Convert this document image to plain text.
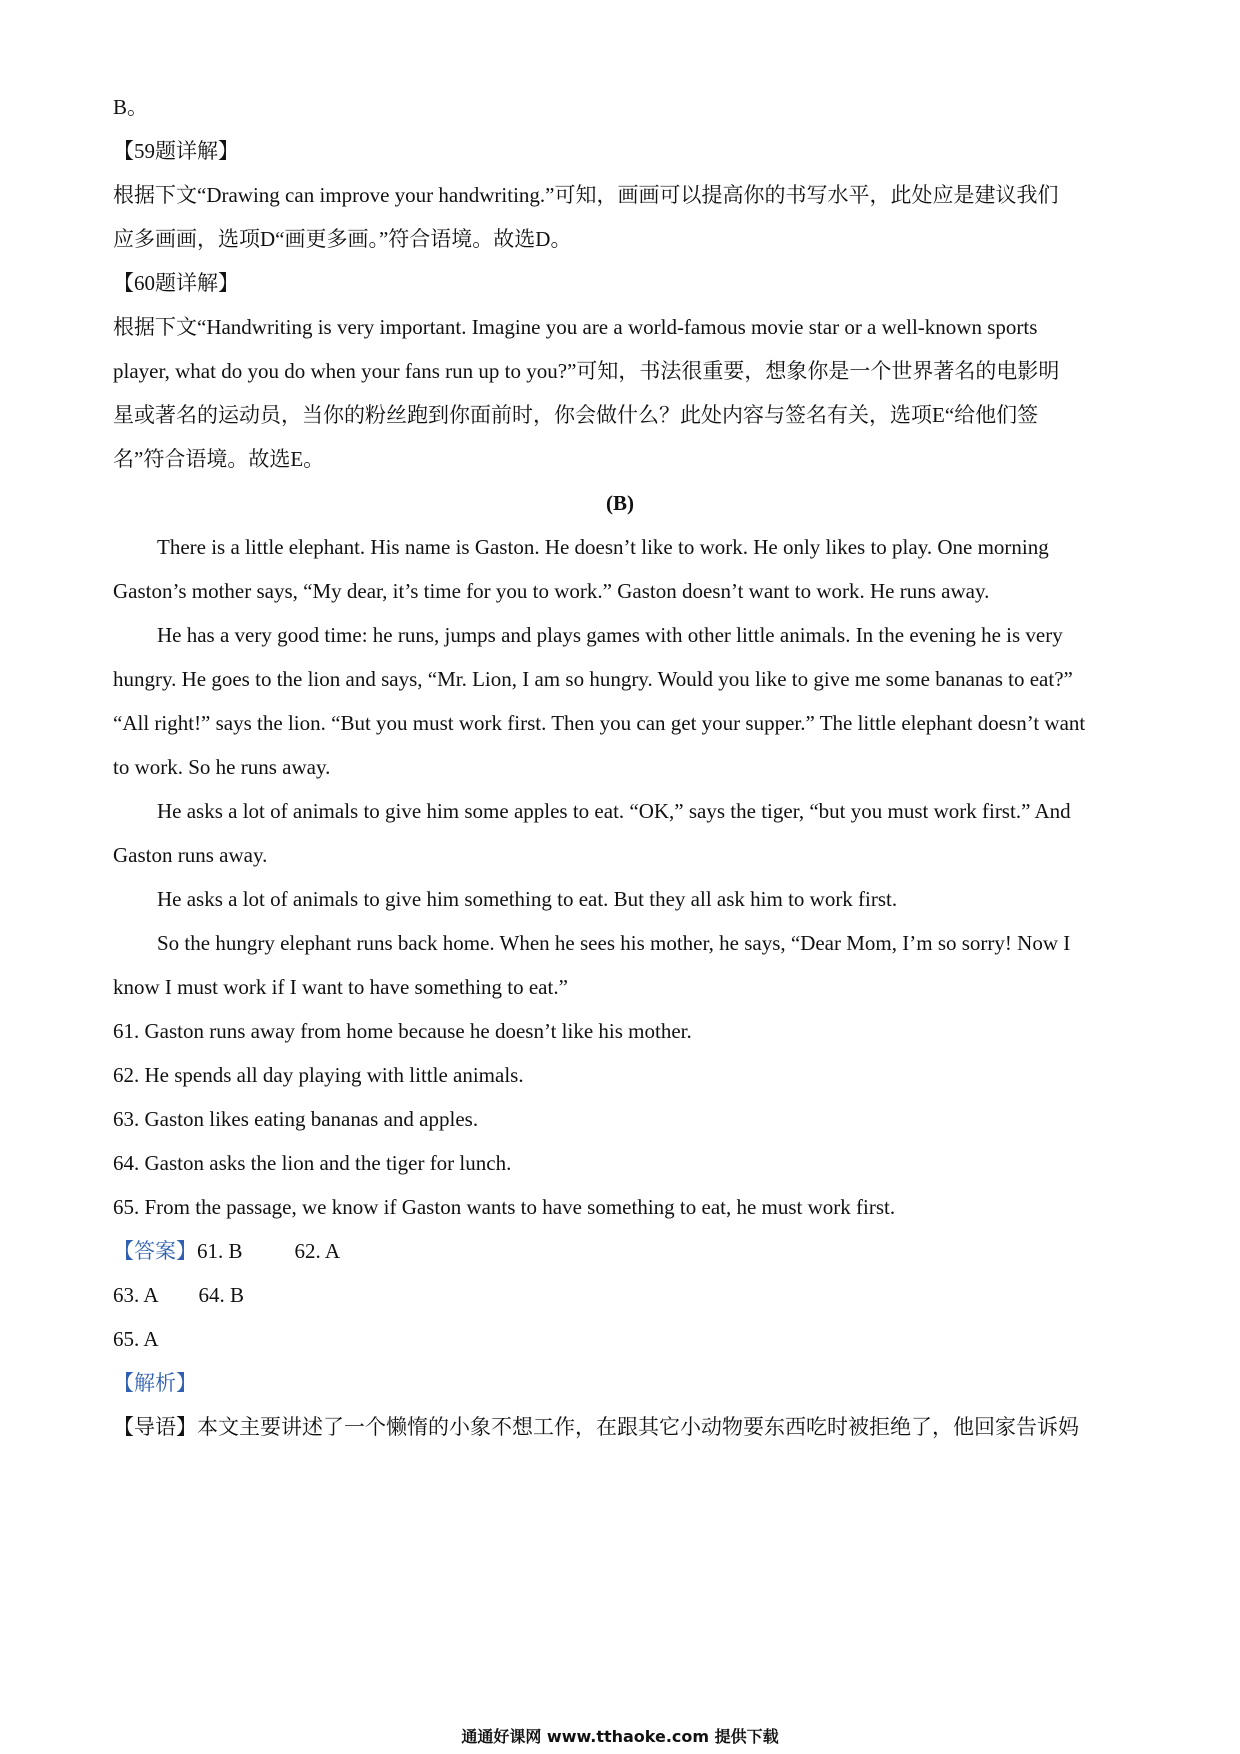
B。
【59题详解】
根据下文“Drawing can improve your handwriting.”可知，画画可以提高你的书写水平，此处应是建议我们
应多画画，选项D“画更多画。”符合语境。故选D。
【60题详解】
根据下文“Handwriting is very important. Imagine you are a world-famous movie star or a well-known sports
player, what do you do when your fans run up to you?”可知，书法很重要，想象你是一个世界著名的电影明
星或著名的运动员，当你的粉丝跑到你面前时，你会做什么？此处内容与签名有关，选项E“给他们签
名”符合语境。故选E。
(B)
There is a little elephant. His name is Gaston. He doesn’t like to work. He only likes to play. One morning
Gaston’s mother says, “My dear, it’s time for you to work.” Gaston doesn’t want to work. He runs away.
He has a very good time: he runs, jumps and plays games with other little animals. In the evening he is very
hungry. He goes to the lion and says, “Mr. Lion, I am so hungry. Would you like to give me some bananas to eat?”
“All right!” says the lion. “But you must work first. Then you can get your supper.” The little elephant doesn’t want
to work. So he runs away.
He asks a lot of animals to give him some apples to eat. “OK,” says the tiger, “but you must work first.” And
Gaston runs away.
He asks a lot of animals to give him something to eat. But they all ask him to work first.
So the hungry elephant runs back home. When he sees his mother, he says, “Dear Mom, I’m so sorry! Now I
know I must work if I want to have something to eat.”
61. Gaston runs away from home because he doesn’t like his mother.
62. He spends all day playing with little animals.
63. Gaston likes eating bananas and apples.
64. Gaston asks the lion and the tiger for lunch.
65. From the passage, we know if Gaston wants to have something to eat, he must work first.
【答案】61. B 62. A
63. A 64. B
65. A
【解析】
【导语】本文主要讲述了一个懒惰的小象不想工作，在跟其它小动物要东西吃时被拒绝了，他回家告诉妈
通通好课网 www.tthaoke.com 提供下载
